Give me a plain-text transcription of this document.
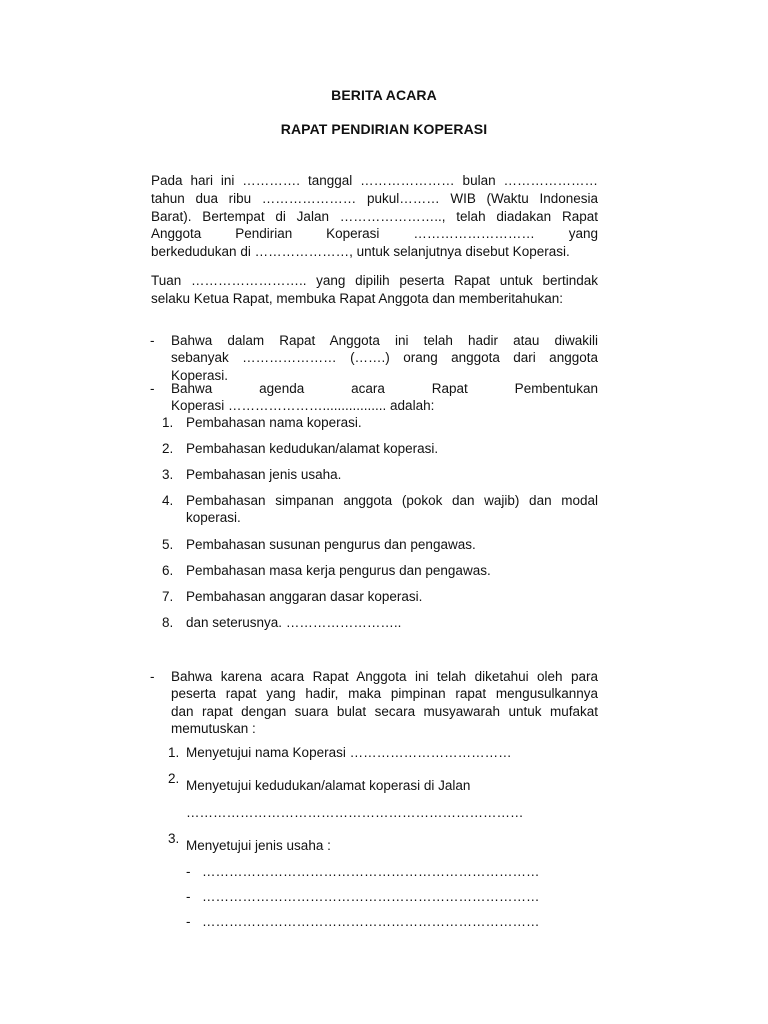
BERITA ACARA
RAPAT PENDIRIAN KOPERASI
Pada hari ini …………. tanggal ………………… bulan …………………
tahun dua ribu ………………… pukul……… WIB (Waktu Indonesia
Barat). Bertempat di Jalan ………………….., telah diadakan Rapat
Anggota Pendirian Koperasi ……………………… yang
berkedudukan di …………………, untuk selanjutnya disebut Koperasi.
Tuan …………………….. yang dipilih peserta Rapat untuk bertindak
selaku Ketua Rapat, membuka Rapat Anggota dan memberitahukan:
- Bahwa dalam Rapat Anggota ini telah hadir atau diwakili
sebanyak ………………… (…….) orang anggota dari anggota
Koperasi.
- Bahwa agenda acara Rapat Pembentukan
Koperasi …………………................. adalah:
1. Pembahasan nama koperasi.
2. Pembahasan kedudukan/alamat koperasi.
3. Pembahasan jenis usaha.
4. Pembahasan simpanan anggota (pokok dan wajib) dan modal koperasi.
5. Pembahasan susunan pengurus dan pengawas.
6. Pembahasan masa kerja pengurus dan pengawas.
7. Pembahasan anggaran dasar koperasi.
8. dan seterusnya. ……………………..
- Bahwa karena acara Rapat Anggota ini telah diketahui oleh para
peserta rapat yang hadir, maka pimpinan rapat mengusulkannya
dan rapat dengan suara bulat secara musyawarah untuk mufakat
memutuskan :
1. Menyetujui nama Koperasi ………………………………
2. Menyetujui kedudukan/alamat koperasi di Jalan
…………………………………………………………………
3. Menyetujui jenis usaha :
- …………………………………………………………………
- …………………………………………………………………
- …………………………………………………………………
